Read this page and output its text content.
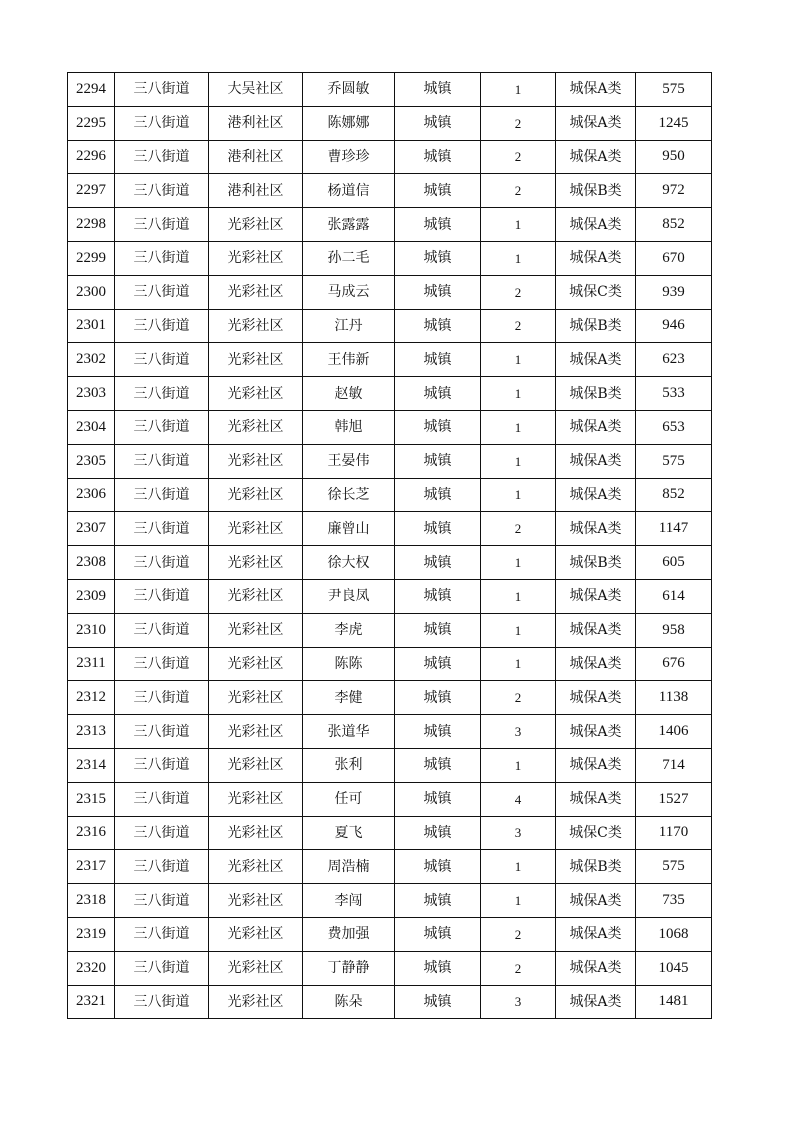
2294	三八街道	大吴社区	乔圆敏	城镇	1	城保A类	575
2295	三八街道	港利社区	陈娜娜	城镇	2	城保A类	1245
2296	三八街道	港利社区	曹珍珍	城镇	2	城保A类	950
2297	三八街道	港利社区	杨道信	城镇	2	城保B类	972
2298	三八街道	光彩社区	张露露	城镇	1	城保A类	852
2299	三八街道	光彩社区	孙二毛	城镇	1	城保A类	670
2300	三八街道	光彩社区	马成云	城镇	2	城保C类	939
2301	三八街道	光彩社区	江丹	城镇	2	城保B类	946
2302	三八街道	光彩社区	王伟新	城镇	1	城保A类	623
2303	三八街道	光彩社区	赵敏	城镇	1	城保B类	533
2304	三八街道	光彩社区	韩旭	城镇	1	城保A类	653
2305	三八街道	光彩社区	王晏伟	城镇	1	城保A类	575
2306	三八街道	光彩社区	徐长芝	城镇	1	城保A类	852
2307	三八街道	光彩社区	廉曾山	城镇	2	城保A类	1147
2308	三八街道	光彩社区	徐大权	城镇	1	城保B类	605
2309	三八街道	光彩社区	尹良凤	城镇	1	城保A类	614
2310	三八街道	光彩社区	李虎	城镇	1	城保A类	958
2311	三八街道	光彩社区	陈陈	城镇	1	城保A类	676
2312	三八街道	光彩社区	李健	城镇	2	城保A类	1138
2313	三八街道	光彩社区	张道华	城镇	3	城保A类	1406
2314	三八街道	光彩社区	张利	城镇	1	城保A类	714
2315	三八街道	光彩社区	任可	城镇	4	城保A类	1527
2316	三八街道	光彩社区	夏飞	城镇	3	城保C类	1170
2317	三八街道	光彩社区	周浩楠	城镇	1	城保B类	575
2318	三八街道	光彩社区	李闯	城镇	1	城保A类	735
2319	三八街道	光彩社区	费加强	城镇	2	城保A类	1068
2320	三八街道	光彩社区	丁静静	城镇	2	城保A类	1045
2321	三八街道	光彩社区	陈朵	城镇	3	城保A类	1481
